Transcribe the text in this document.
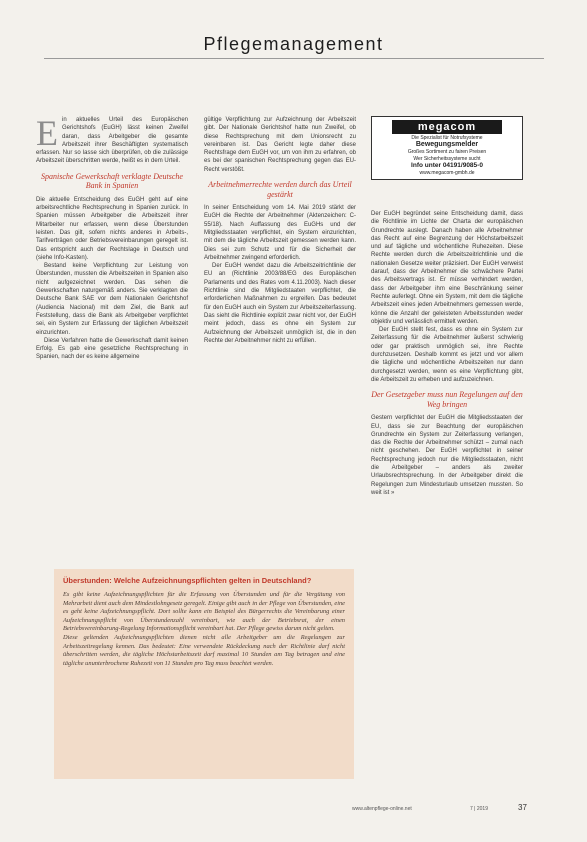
Pflegemanagement
E in aktuelles Urteil des Europäischen Gerichtshofs (EuGH) lässt keinen Zweifel daran, dass Arbeitgeber die gesamte Arbeitszeit ihrer Beschäftigten systematisch erfassen. Nur so lasse sich überprüfen, ob die zulässige Arbeitszeit überschritten werde, heißt es in dem Urteil.

Spanische Gewerkschaft verklagte Deutsche Bank in Spanien

Die aktuelle Entscheidung des EuGH geht auf eine arbeitsrechtliche Rechtsprechung in Spanien zurück. In Spanien müssen Arbeitgeber die Arbeitszeit ihrer Mitarbeiter nur erfassen, wenn diese Überstunden leisten. Das gilt, sofern nichts anderes in Arbeits-, Tarifverträgen oder Betriebsvereinbarungen geregelt ist. Das entspricht auch der Rechtslage in Deutsch und (siehe Info-Kasten).

Bestand keine Verpflichtung zur Leistung von Überstunden, mussten die Arbeitszeiten in Spanien also nicht aufgezeichnet werden. Das sehen die Gewerkschaften naturgemäß anders. Sie verklagten die Deutsche Bank SAE vor dem Nationalen Gerichtshof (Audiencia Nacional) mit dem Ziel, die Bank auf Feststellung, dass die Bank als Arbeitgeber verpflichtet sei, ein System zur Erfassung der täglichen Arbeitszeit einzurichten.

Diese Verfahren hatte die Gewerkschaft damit keinen Erfolg. Es gab eine gesetzliche Rechtsprechung in Spanien, nach der es keine allgemeine

gültige Verpflichtung zur Aufzeichnung der Arbeitszeit gibt. Der Nationale Gerichtshof hatte nun Zweifel, ob diese Rechtsprechung mit dem Unionsrecht zu vereinbaren ist. Das Gericht legte daher diese Rechtsfrage dem EuGH vor, um von ihm zu erfahren, ob es bei der spanischen Rechtsprechung gegen das EU-Recht verstößt.

Arbeitnehmerrechte werden durch das Urteil gestärkt

In seiner Entscheidung vom 14. Mai 2019 stärkt der EuGH die Rechte der Arbeitnehmer (Aktenzeichen: C-55/18). Nach Auffassung des EuGHs und der Mitgliedsstaaten verpflichtet, ein System einzurichten, mit dem die tägliche Arbeitszeit gemessen werden kann. Dies sei zum Schutz und für die Sicherheit der Arbeitnehmer zwingend erforderlich.

Der EuGH wendet dazu die Arbeitszeitrichtlinie der EU an (Richtlinie 2003/88/EG des Europäischen Parlaments und des Rates vom 4.11.2003). Nach dieser Richtlinie sind die Mitgliedstaaten verpflichtet, die erforderlichen Maßnahmen zu ergreifen. Das bedeutet für den EuGH auch ein System zur Arbeitszeiterfassung. Das sieht die Richtlinie explizit zwar nicht vor, der EuGH meint jedoch, dass es ohne ein System zur Aufzeichnung der Arbeitszeit unmöglich ist, die in den Rechte der Arbeitnehmer nicht zu erfüllen.

megacom
Die Spezialist für Notrufsysteme
Bewegungsmelder
Großes Sortiment zu fairen Preisen
Wer Sicherheitssysteme sucht
Info unter 04191/9085-0
www.megacom-gmbh.de

Der EuGH begründet seine Entscheidung damit, dass die Richtlinie im Lichte der Charta der europäischen Grundrechte auslegt. Danach haben alle Arbeitnehmer das Recht auf eine Begrenzung der Höchstarbeitszeit und auf tägliche und wöchentliche Ruhezeiten. Diese Rechte werden durch die Arbeitszeitrichtlinie und die nationalen Gesetze weiter präzisiert. Der EuGH verweist darauf, dass der Arbeitnehmer die schwächere Partei des Arbeitsvertrags ist. Er müsse verhindert werden, dass der Arbeitgeber ihm eine Beschränkung seiner Rechte auferlegt. Ohne ein System, mit dem die tägliche Arbeitszeit eines jeden Arbeitnehmers gemessen werde, könne die Anzahl der geleisteten Arbeitsstunden weder objektiv und verlässlich ermittelt werden.

Der EuGH stellt fest, dass es ohne ein System zur Zeiterfassung für die Arbeitnehmer äußerst schwierig oder gar praktisch unmöglich sei, ihre Rechte durchzusetzen. Deshalb kommt es jetzt und vor allem die tägliche und wöchentliche Arbeitszeiten nur dann durchgesetzt werden, wenn es eine Verpflichtung gibt, die Arbeitszeit zu erheben und aufzuzeichnen.

Der Gesetzgeber muss nun Regelungen auf den Weg bringen

Gestern verpflichtet der EuGH die Mitgliedsstaaten der EU, dass sie zur Beachtung der europäischen Grundrechte ein System zur Zeiterfassung verlangen, das die Rechte der Arbeitnehmer schützt – zumal nach nicht geschehen. Der EuGH verpflichtet in seiner Rechtsprechung jedoch nur die Mitgliedsstaaten, nicht die Arbeitgeber – anders als zweiter Urlaubsrechtsprechung. In der Arbeitgeber direkt die Regelungen zum Mindesturlaub umsetzen mussten. So weit ist »

Überstunden: Welche Aufzeichnungspflichten gelten in Deutschland?

Es gibt keine Aufzeichnungspflichten für die Erfassung von Überstunden und für die Vergütung von Mehrarbeit dient auch dem Mindestlohngesetz geregelt. Einige gibt auch in der Pflege von Überstunden, eine es geht keine Aufzeichnungspflicht. Dort sollte kann ein Beispiel des Bürgerrechts die Vereinbarung einer Aufzeichnungspflicht von Überstundenzahl vereinbart, wie auch der Betriebsrat, der einen Betriebsvereinbarung-Regelung Informationspflicht vereinbart hat. Der Pflege gewiss darum nicht gelten.

Diese geltenden Aufzeichnungspflichten dienen nicht alle Arbeitgeber um die Regelungen zur Arbeitszeitregelung kennen. Das bedeutet: Eine verwendete Rückdeckung nach der Richtlinie darf nicht überschritten werden, die tägliche Höchstarbeitszeit darf maximal 10 Stunden am Tag betragen und eine tägliche ununterbrochene Ruhezeit von 11 Stunden pro Tag muss beachtet werden.

www.altenpflege-online.net	7 | 2019	37
